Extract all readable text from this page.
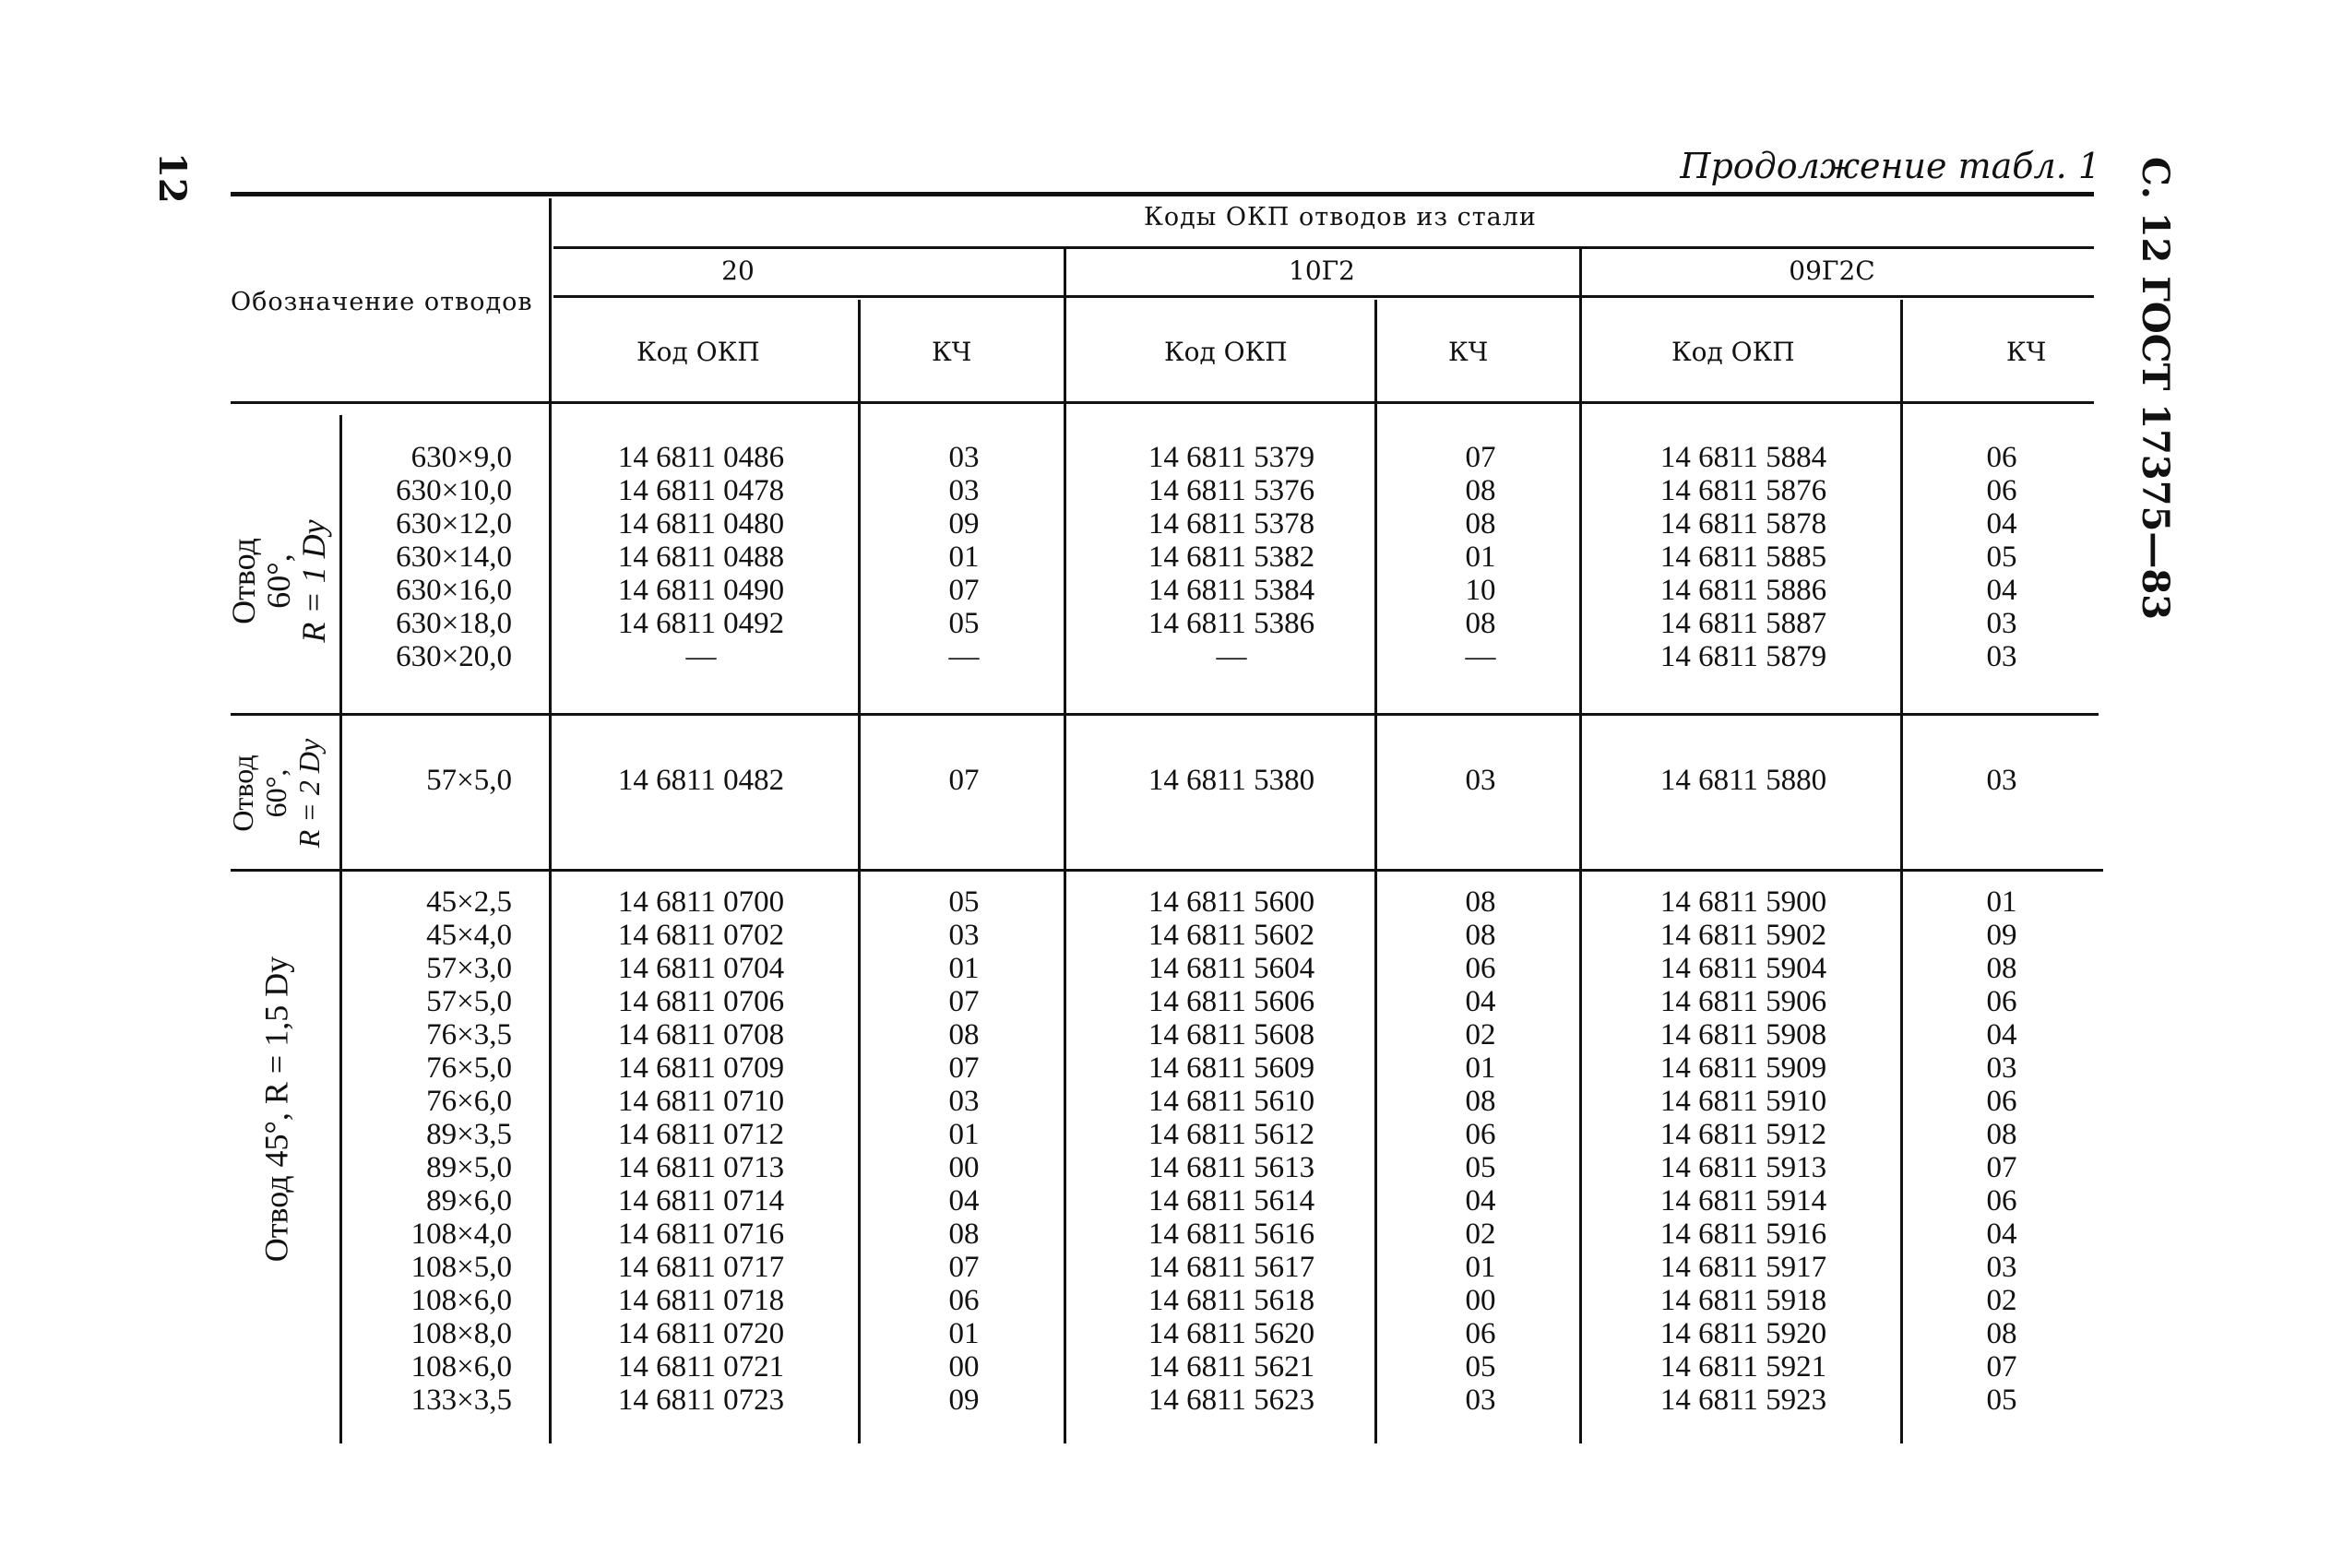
12	С. 12 ГОСТ 17375—83
Продолжение табл. 1
Обозначение отводов
Коды ОКП отводов из стали
20	10Г2	09Г2С
Код ОКП	КЧ	Код ОКП	КЧ	Код ОКП	КЧ
Отвод
60°,
R = 1 Dу
Отвод 60°, R = 2 Dу
Отвод 45°, R = 1,5 Dу
630×9,0	14 6811 0486	03	14 6811 5379	07	14 6811 5884	06
630×10,0	14 6811 0478	03	14 6811 5376	08	14 6811 5876	06
630×12,0	14 6811 0480	09	14 6811 5378	08	14 6811 5878	04
630×14,0	14 6811 0488	01	14 6811 5382	01	14 6811 5885	05
630×16,0	14 6811 0490	07	14 6811 5384	10	14 6811 5886	04
630×18,0	14 6811 0492	05	14 6811 5386	08	14 6811 5887	03
630×20,0	—	—	—	—	14 6811 5879	03
57×5,0	14 6811 0482	07	14 6811 5380	03	14 6811 5880	03
45×2,5	14 6811 0700	05	14 6811 5600	08	14 6811 5900	01
45×4,0	14 6811 0702	03	14 6811 5602	08	14 6811 5902	09
57×3,0	14 6811 0704	01	14 6811 5604	06	14 6811 5904	08
57×5,0	14 6811 0706	07	14 6811 5606	04	14 6811 5906	06
76×3,5	14 6811 0708	08	14 6811 5608	02	14 6811 5908	04
76×5,0	14 6811 0709	07	14 6811 5609	01	14 6811 5909	03
76×6,0	14 6811 0710	03	14 6811 5610	08	14 6811 5910	06
89×3,5	14 6811 0712	01	14 6811 5612	06	14 6811 5912	08
89×5,0	14 6811 0713	00	14 6811 5613	05	14 6811 5913	07
89×6,0	14 6811 0714	04	14 6811 5614	04	14 6811 5914	06
108×4,0	14 6811 0716	08	14 6811 5616	02	14 6811 5916	04
108×5,0	14 6811 0717	07	14 6811 5617	01	14 6811 5917	03
108×6,0	14 6811 0718	06	14 6811 5618	00	14 6811 5918	02
108×8,0	14 6811 0720	01	14 6811 5620	06	14 6811 5920	08
108×6,0	14 6811 0721	00	14 6811 5621	05	14 6811 5921	07
133×3,5	14 6811 0723	09	14 6811 5623	03	14 6811 5923	05
